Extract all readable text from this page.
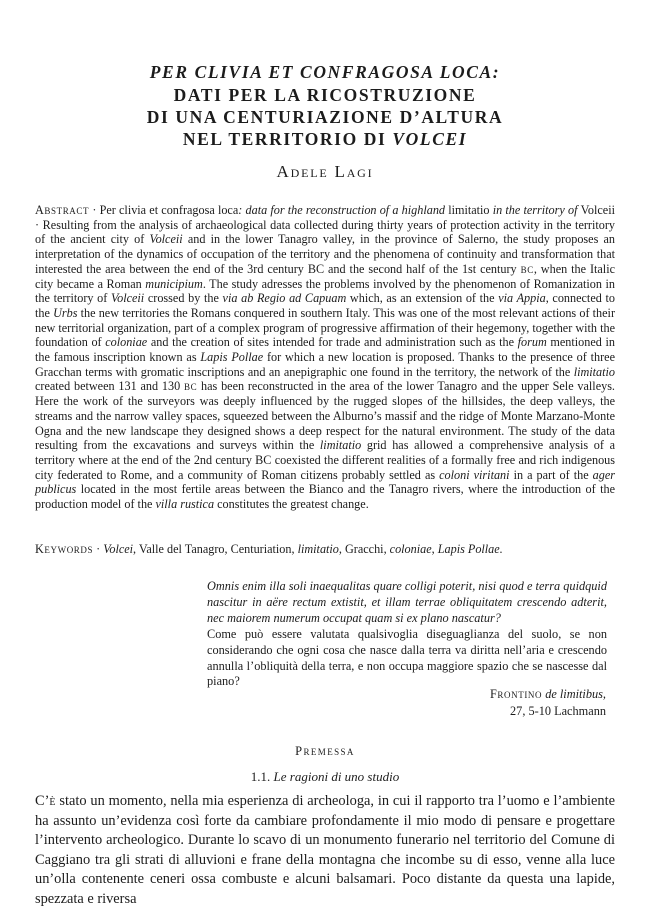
PER CLIVIA ET CONFRAGOSA LOCA:
DATI PER LA RICOSTRUZIONE
DI UNA CENTURIAZIONE D’ALTURA
NEL TERRITORIO DI VOLCEI
Adele Lagi

Abstract · Per clivia et confragosa loca: data for the reconstruction of a highland limitatio in the territory of Volceii · Resulting from the analysis of archaeological data collected during thirty years of protection activity in the territory of the ancient city of Volceii and in the lower Tanagro valley, in the province of Salerno, the study proposes an interpretation of the dynamics of occupation of the territory and the phenomena of continuity and transformation that interested the area between the end of the 3rd century BC and the second half of the 1st century bc, when the Italic city became a Roman municipium. The study adresses the problems involved by the phenomenon of Romanization in the territory of Volceii crossed by the via ab Regio ad Capuam which, as an extension of the via Appia, connected to the Urbs the new territories the Romans conquered in southern Italy. This was one of the most relevant actions of their new territorial organization, part of a complex program of progressive affirmation of their hegemony, together with the foundation of coloniae and the creation of sites intended for trade and administration such as the forum mentioned in the famous inscription known as Lapis Pollae for which a new location is proposed. Thanks to the presence of three Gracchan terms with gromatic inscriptions and an anepigraphic one found in the territory, the network of the limitatio created between 131 and 130 bc has been reconstructed in the area of the lower Tanagro and the upper Sele valleys. Here the work of the surveyors was deeply influenced by the rugged slopes of the hillsides, the deep valleys, the streams and the narrow valley spaces, squeezed between the Alburno’s massif and the ridge of Monte Marzano-Monte Ogna and the new landscape they designed shows a deep respect for the natural environment. The study of the data resulting from the excavations and surveys within the limitatio grid has allowed a comprehensive analysis of a territory where at the end of the 2nd century BC coexisted the different realities of a formally free and rich indigenous city federated to Rome, and a community of Roman citizens probably settled as coloni viritani in a part of the ager publicus located in the most fertile areas between the Bianco and the Tanagro rivers, where the introduction of the production model of the villa rustica constitutes the greatest change.

Keywords · Volcei, Valle del Tanagro, Centuriation, limitatio, Gracchi, coloniae, Lapis Pollae.

Omnis enim illa soli inaequalitas quare colligi poterit, nisi quod e terra quidquid nascitur in aëre rectum extistit, et illam terrae obliquitatem crescendo adterit, nec maiorem numerum occupat quam si ex plano nascatur?

Come può essere valutata qualsivoglia diseguaglianza del suolo, se non considerando che ogni cosa che nasce dalla terra va diritta nell’aria e crescendo annulla l’obliquità della terra, e non occupa maggiore spazio che se nascesse dal piano?

Frontino de limitibus,
27, 5-10 Lachmann

Premessa
1.1. Le ragioni di uno studio

C’è stato un momento, nella mia esperienza di archeologa, in cui il rapporto tra l’uomo e l’ambiente ha assunto un’evidenza così forte da cambiare profondamente il mio modo di pensare e progettare l’intervento archeologico. Durante lo scavo di un monumento funerario nel territorio del Comune di Caggiano tra gli strati di alluvioni e frane della montagna che incombe su di esso, venne alla luce un’olla contenente ceneri ossa combuste e alcuni balsamari. Poco distante da questa una lapide, spezzata e riversa
